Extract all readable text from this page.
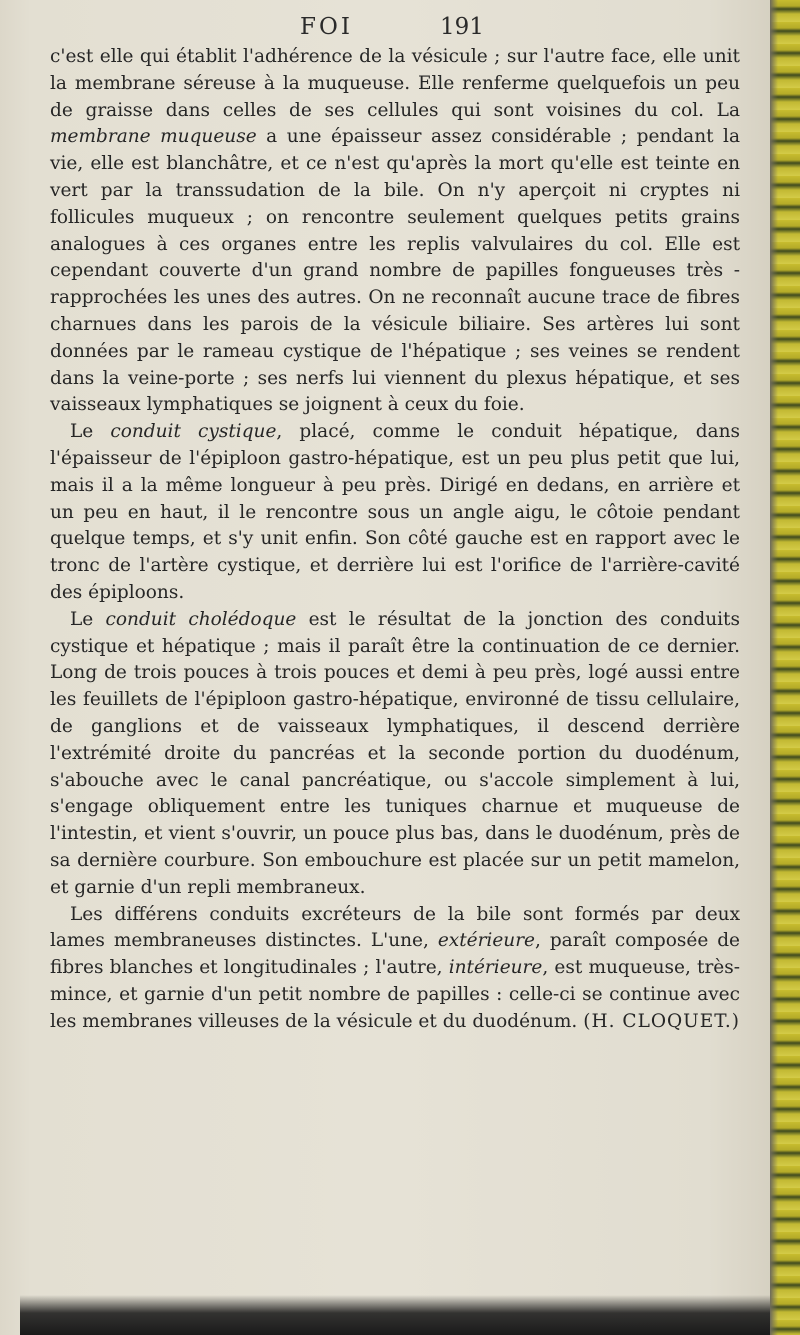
FOI	191

c'est elle qui établit l'adhérence de la vésicule ; sur l'autre face, elle unit la membrane séreuse à la muqueuse. Elle renferme quelquefois un peu de graisse dans celles de ses cellules qui sont voisines du col. La membrane muqueuse a une épaisseur assez considérable ; pendant la vie, elle est blanchâtre, et ce n'est qu'après la mort qu'elle est teinte en vert par la transsudation de la bile. On n'y aperçoit ni cryptes ni follicules muqueux ; on rencontre seulement quelques petits grains analogues à ces organes entre les replis valvulaires du col. Elle est cependant couverte d'un grand nombre de papilles fongueuses très - rapprochées les unes des autres. On ne reconnaît aucune trace de fibres charnues dans les parois de la vésicule biliaire. Ses artères lui sont données par le rameau cystique de l'hépatique ; ses veines se rendent dans la veine-porte ; ses nerfs lui viennent du plexus hépatique, et ses vaisseaux lymphatiques se joignent à ceux du foie.

Le conduit cystique, placé, comme le conduit hépatique, dans l'épaisseur de l'épiploon gastro-hépatique, est un peu plus petit que lui, mais il a la même longueur à peu près. Dirigé en dedans, en arrière et un peu en haut, il le rencontre sous un angle aigu, le côtoie pendant quelque temps, et s'y unit enfin. Son côté gauche est en rapport avec le tronc de l'artère cystique, et derrière lui est l'orifice de l'arrière-cavité des épiploons.

Le conduit cholédoque est le résultat de la jonction des conduits cystique et hépatique ; mais il paraît être la continuation de ce dernier. Long de trois pouces à trois pouces et demi à peu près, logé aussi entre les feuillets de l'épiploon gastro-hépatique, environné de tissu cellulaire, de ganglions et de vaisseaux lymphatiques, il descend derrière l'extrémité droite du pancréas et la seconde portion du duodénum, s'abouche avec le canal pancréatique, ou s'accole simplement à lui, s'engage obliquement entre les tuniques charnue et muqueuse de l'intestin, et vient s'ouvrir, un pouce plus bas, dans le duodénum, près de sa dernière courbure. Son embouchure est placée sur un petit mamelon, et garnie d'un repli membraneux.

Les différens conduits excréteurs de la bile sont formés par deux lames membraneuses distinctes. L'une, extérieure, paraît composée de fibres blanches et longitudinales ; l'autre, intérieure, est muqueuse, très-mince, et garnie d'un petit nombre de papilles : celle-ci se continue avec les membranes villeuses de la vésicule et du duodénum. (H. CLOQUET.)
